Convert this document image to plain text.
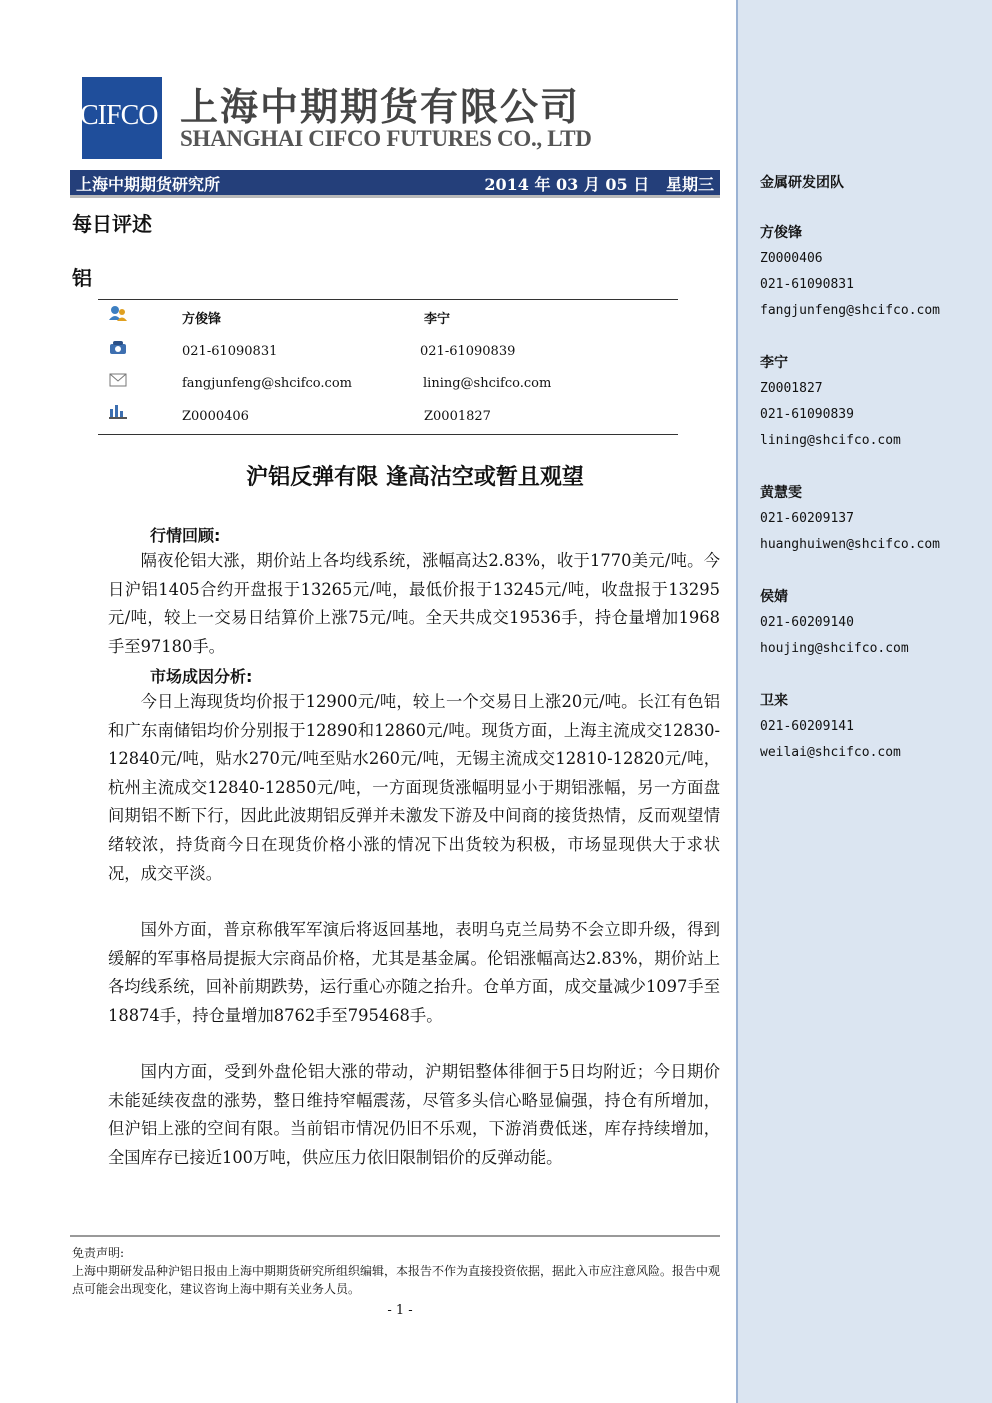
CIFCO 上海中期期货有限公司
SHANGHAI CIFCO FUTURES CO., LTD
上海中期期货研究所	2014 年 03 月 05 日 星期三
每日评述
铝
方俊锋	李宁
021-61090831	021-61090839
fangjunfeng@shcifco.com	lining@shcifco.com
Z0000406	Z0001827
沪铝反弹有限 逢高沽空或暂且观望
行情回顾:

隔夜伦铝大涨，期价站上各均线系统，涨幅高达2.83%，收于1770美元/吨。今日沪铝1405合约开盘报于13265元/吨，最低价报于13245元/吨，收盘报于13295元/吨，较上一交易日结算价上涨75元/吨。全天共成交19536手，持仓量增加1968手至97180手。

市场成因分析:

今日上海现货均价报于12900元/吨，较上一个交易日上涨20元/吨。长江有色铝和广东南储铝均价分别报于12890和12860元/吨。现货方面，上海主流成交12830-12840元/吨，贴水270元/吨至贴水260元/吨，无锡主流成交12810-12820元/吨，杭州主流成交12840-12850元/吨，一方面现货涨幅明显小于期铝涨幅，另一方面盘间期铝不断下行，因此此波期铝反弹并未激发下游及中间商的接货热情，反而观望情绪较浓，持货商今日在现货价格小涨的情况下出货较为积极，市场显现供大于求状况，成交平淡。

国外方面，普京称俄军军演后将返回基地，表明乌克兰局势不会立即升级，得到缓解的军事格局提振大宗商品价格，尤其是基金属。伦铝涨幅高达2.83%，期价站上各均线系统，回补前期跌势，运行重心亦随之抬升。仓单方面，成交量减少1097手至18874手，持仓量增加8762手至795468手。

国内方面，受到外盘伦铝大涨的带动，沪期铝整体徘徊于5日均附近；今日期价未能延续夜盘的涨势，整日维持窄幅震荡，尽管多头信心略显偏强，持仓有所增加，但沪铝上涨的空间有限。当前铝市情况仍旧不乐观，下游消费低迷，库存持续增加，全国库存已接近100万吨，供应压力依旧限制铝价的反弹动能。

免责声明:
上海中期研发品种沪铝日报由上海中期期货研究所组织编辑，本报告不作为直接投资依据，据此入市应注意风险。报告中观点可能会出现变化，建议咨询上海中期有关业务人员。
- 1 -
金属研发团队
方俊锋
Z0000406
021-61090831
fangjunfeng@shcifco.com
李宁
Z0001827
021-61090839
lining@shcifco.com
黄慧雯
021-60209137
huanghuiwen@shcifco.com
侯婧
021-60209140
houjing@shcifco.com
卫来
021-60209141
weilai@shcifco.com
